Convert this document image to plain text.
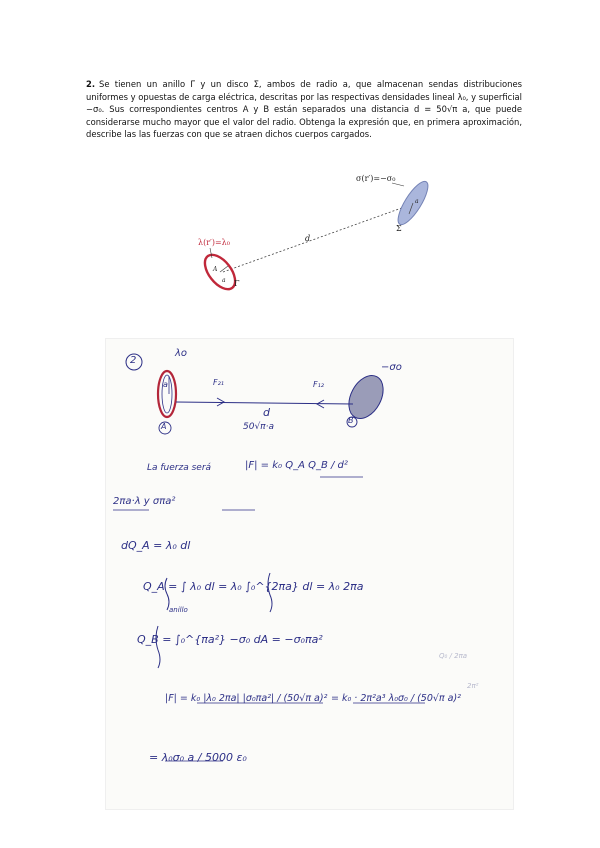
2. Se tienen un anillo Γ y un disco Σ, ambos de radio a, que almacenan sendas distribuciones uniformes y opuestas de carga eléctrica, descritas por las respectivas densidades lineal λ₀, y superficial −σ₀. Sus correspondientes centros A y B están separados una distancia d = 50√π a, que puede considerarse mucho mayor que el valor del radio. Obtenga la expresión que, en primera aproximación, describe las las fuerzas con que se atraen dichos cuerpos cargados.
σ(r′)=−σ₀
d
Σ
a
λ(r′)=λ₀
Γ
a
A
2
λo
−σo
F₂₁	F₁₂
a
A
B
d
50√π·a
La fuerza será	|F| = k₀ Q_A Q_B / d²
2πa·λ y σπa²
dQ_A = λ₀ dl
Q_A = ∫ λ₀ dl = λ₀ ∫₀^{2πa} dl = λ₀ 2πa
anillo
Q_B = ∫₀^{πa²} −σ₀ dA = −σ₀πa²
Q₀ / 2πa
|F| = k₀ |λ₀ 2πa| |σ₀πa²| / (50√π a)² = k₀ · 2π²a³ λ₀σ₀ / (50√π a)²
2π²
= λ₀σ₀ a / 5000 ε₀
